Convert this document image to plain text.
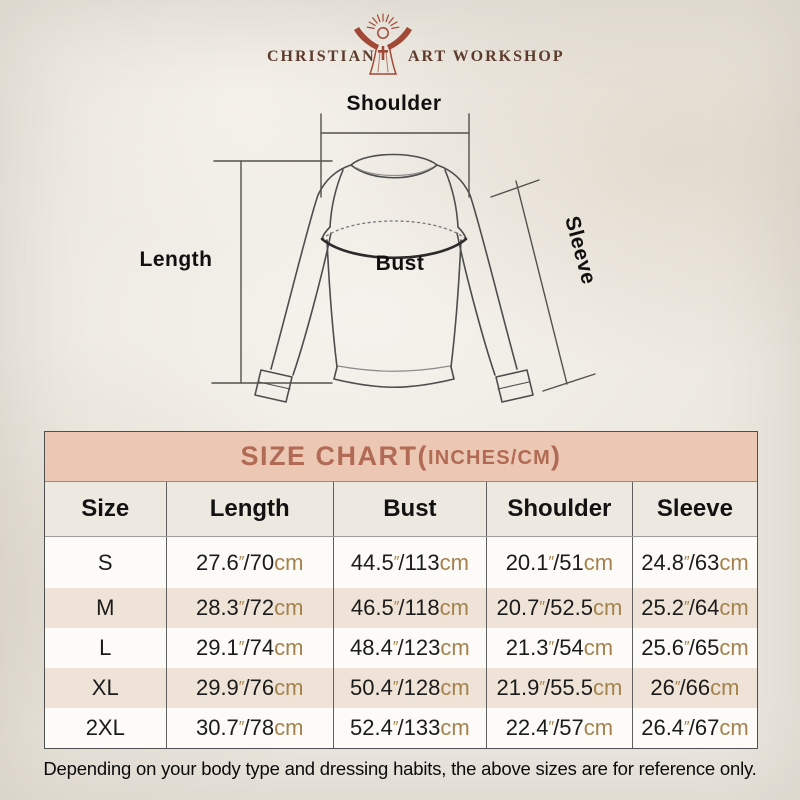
Shoulder
Length	Bust	Sleeve
CHRISTIAN ART WORKSHOP
SIZE CHART( INCHES/CM )
Size	Length	Bust	Shoulder	Sleeve
S	27.6″/70cm	44.5″/113cm	20.1″/51cm	24.8″/63cm
M	28.3″/72cm	46.5″/118cm	20.7″/52.5cm	25.2″/64cm
L	29.1″/74cm	48.4″/123cm	21.3″/54cm	25.6″/65cm
XL	29.9″/76cm	50.4″/128cm	21.9″/55.5cm	26″/66cm
2XL	30.7″/78cm	52.4″/133cm	22.4″/57cm	26.4″/67cm
Depending on your body type and dressing habits, the above sizes are for reference only.
